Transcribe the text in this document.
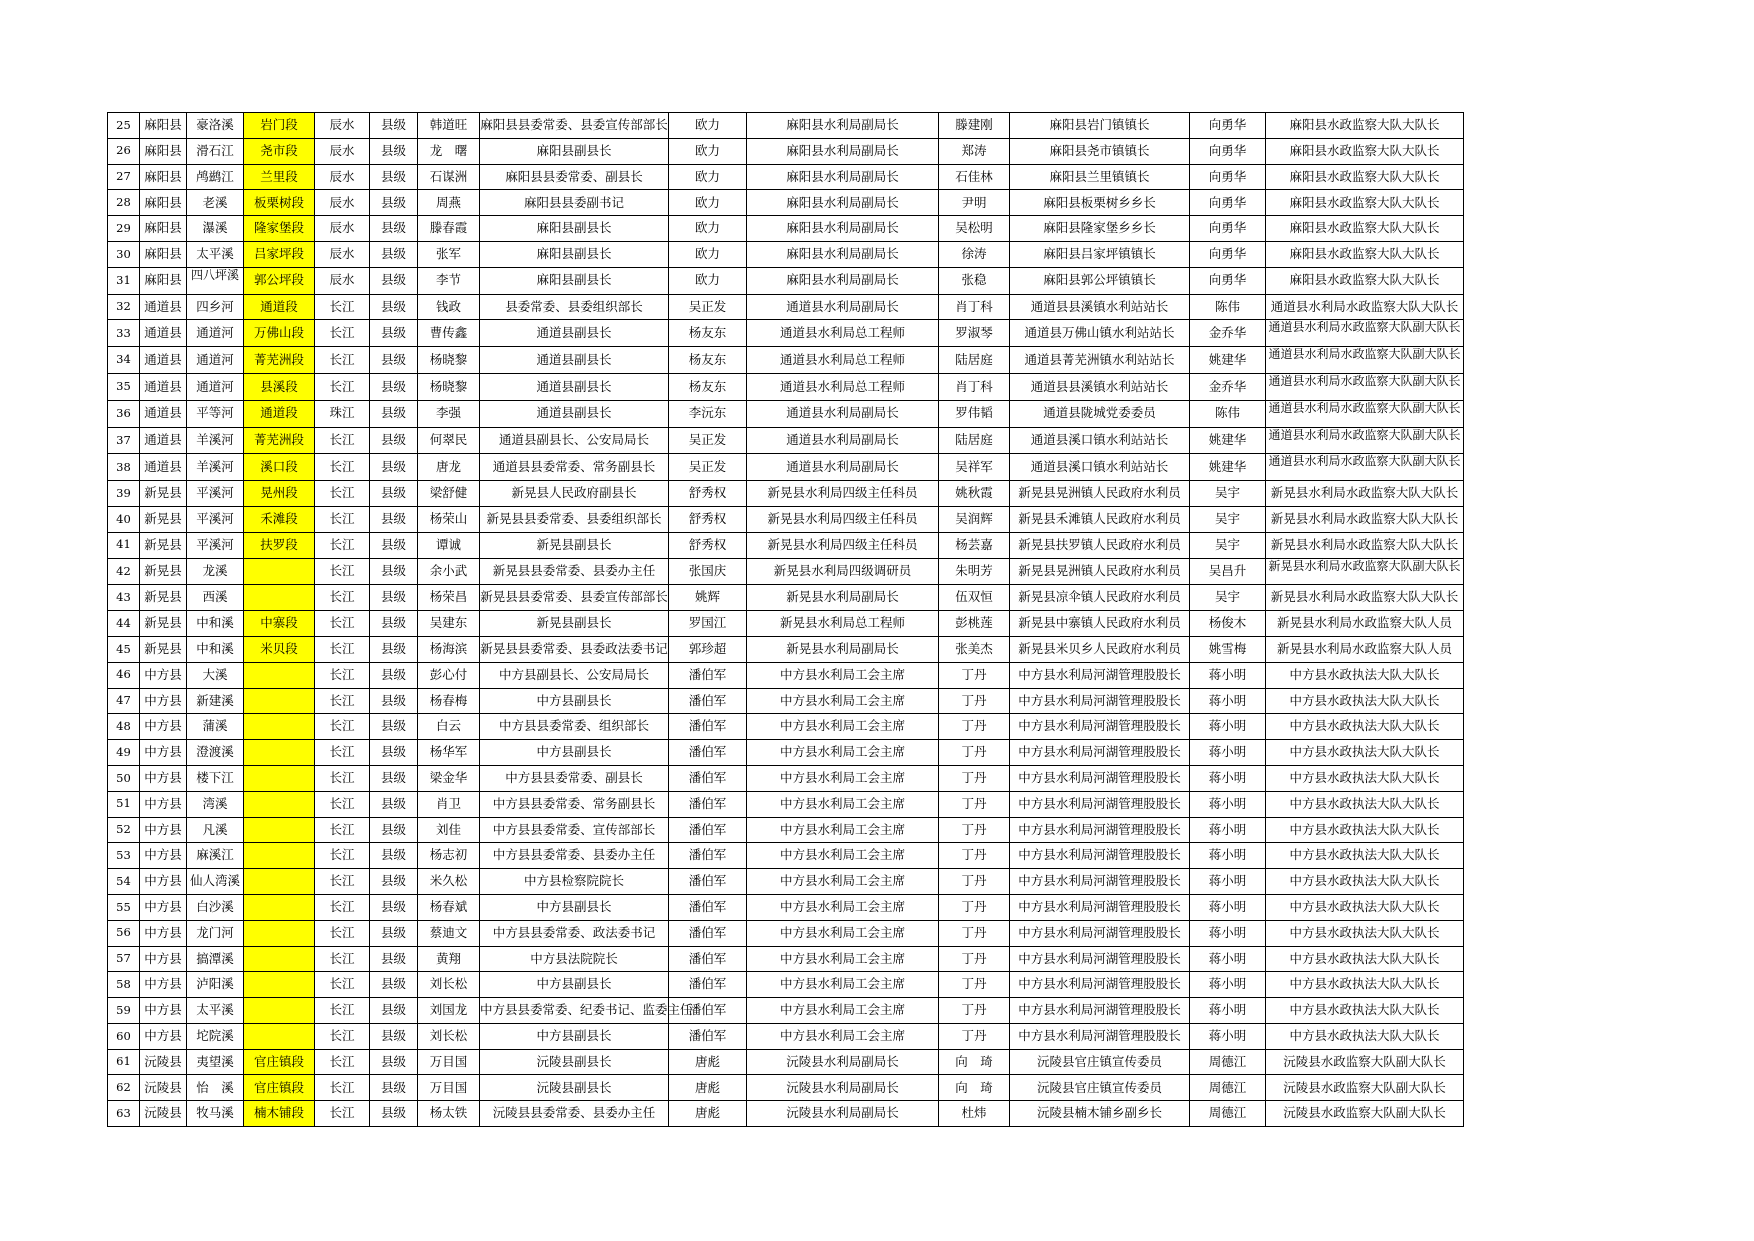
25	麻阳县	豪洛溪	岩门段	辰水	县级	韩道旺	麻阳县县委常委、县委宣传部部长	欧力	麻阳县水利局副局长	滕建刚	麻阳县岩门镇镇长	向勇华	麻阳县水政监察大队大队长
26	麻阳县	滑石江	尧市段	辰水	县级	龙　曙	麻阳县副县长	欧力	麻阳县水利局副局长	郑涛	麻阳县尧市镇镇长	向勇华	麻阳县水政监察大队大队长
27	麻阳县	鸬鹚江	兰里段	辰水	县级	石谋洲	麻阳县县委常委、副县长	欧力	麻阳县水利局副局长	石佳林	麻阳县兰里镇镇长	向勇华	麻阳县水政监察大队大队长
28	麻阳县	老溪	板栗树段	辰水	县级	周燕	麻阳县县委副书记	欧力	麻阳县水利局副局长	尹明	麻阳县板栗树乡乡长	向勇华	麻阳县水政监察大队大队长
29	麻阳县	瀑溪	隆家堡段	辰水	县级	滕春霞	麻阳县副县长	欧力	麻阳县水利局副局长	吴松明	麻阳县隆家堡乡乡长	向勇华	麻阳县水政监察大队大队长
30	麻阳县	太平溪	吕家坪段	辰水	县级	张军	麻阳县副县长	欧力	麻阳县水利局副局长	徐涛	麻阳县吕家坪镇镇长	向勇华	麻阳县水政监察大队大队长
31	麻阳县	四八坪溪	郭公坪段	辰水	县级	李节	麻阳县副县长	欧力	麻阳县水利局副局长	张稳	麻阳县郭公坪镇镇长	向勇华	麻阳县水政监察大队大队长
32	通道县	四乡河	通道段	长江	县级	钱政	县委常委、县委组织部长	吴正发	通道县水利局副局长	肖丁科	通道县县溪镇水利站站长	陈伟	通道县水利局水政监察大队大队长
33	通道县	通道河	万佛山段	长江	县级	曹传鑫	通道县副县长	杨友东	通道县水利局总工程师	罗淑琴	通道县万佛山镇水利站站长	金乔华	通道县水利局水政监察大队副大队长
34	通道县	通道河	菁芜洲段	长江	县级	杨晓黎	通道县副县长	杨友东	通道县水利局总工程师	陆居庭	通道县菁芜洲镇水利站站长	姚建华	通道县水利局水政监察大队副大队长
35	通道县	通道河	县溪段	长江	县级	杨晓黎	通道县副县长	杨友东	通道县水利局总工程师	肖丁科	通道县县溪镇水利站站长	金乔华	通道县水利局水政监察大队副大队长
36	通道县	平等河	通道段	珠江	县级	李强	通道县副县长	李沅东	通道县水利局副局长	罗伟韬	通道县陇城党委委员	陈伟	通道县水利局水政监察大队副大队长
37	通道县	羊溪河	菁芜洲段	长江	县级	何翠民	通道县副县长、公安局局长	吴正发	通道县水利局副局长	陆居庭	通道县溪口镇水利站站长	姚建华	通道县水利局水政监察大队副大队长
38	通道县	羊溪河	溪口段	长江	县级	唐龙	通道县县委常委、常务副县长	吴正发	通道县水利局副局长	吴祥军	通道县溪口镇水利站站长	姚建华	通道县水利局水政监察大队副大队长
39	新晃县	平溪河	晃州段	长江	县级	梁舒健	新晃县人民政府副县长	舒秀权	新晃县水利局四级主任科员	姚秋霞	新晃县晃洲镇人民政府水利员	吴宇	新晃县水利局水政监察大队大队长
40	新晃县	平溪河	禾滩段	长江	县级	杨荣山	新晃县县委常委、县委组织部长	舒秀权	新晃县水利局四级主任科员	吴润辉	新晃县禾滩镇人民政府水利员	吴宇	新晃县水利局水政监察大队大队长
41	新晃县	平溪河	扶罗段	长江	县级	谭诚	新晃县副县长	舒秀权	新晃县水利局四级主任科员	杨芸嘉	新晃县扶罗镇人民政府水利员	吴宇	新晃县水利局水政监察大队大队长
42	新晃县	龙溪		长江	县级	余小武	新晃县县委常委、县委办主任	张国庆	新晃县水利局四级调研员	朱明芳	新晃县晃洲镇人民政府水利员	吴昌升	新晃县水利局水政监察大队副大队长
43	新晃县	西溪		长江	县级	杨荣昌	新晃县县委常委、县委宣传部部长	姚辉	新晃县水利局副局长	伍双恒	新晃县凉伞镇人民政府水利员	吴宇	新晃县水利局水政监察大队大队长
44	新晃县	中和溪	中寨段	长江	县级	吴建东	新晃县副县长	罗国江	新晃县水利局总工程师	彭桃莲	新晃县中寨镇人民政府水利员	杨俊木	新晃县水利局水政监察大队人员
45	新晃县	中和溪	米贝段	长江	县级	杨海滨	新晃县县委常委、县委政法委书记	郭珍超	新晃县水利局副局长	张美杰	新晃县米贝乡人民政府水利员	姚雪梅	新晃县水利局水政监察大队人员
46	中方县	大溪		长江	县级	彭心付	中方县副县长、公安局局长	潘伯军	中方县水利局工会主席	丁丹	中方县水利局河湖管理股股长	蒋小明	中方县水政执法大队大队长
47	中方县	新建溪		长江	县级	杨春梅	中方县副县长	潘伯军	中方县水利局工会主席	丁丹	中方县水利局河湖管理股股长	蒋小明	中方县水政执法大队大队长
48	中方县	蒲溪		长江	县级	白云	中方县县委常委、组织部长	潘伯军	中方县水利局工会主席	丁丹	中方县水利局河湖管理股股长	蒋小明	中方县水政执法大队大队长
49	中方县	澄渡溪		长江	县级	杨华军	中方县副县长	潘伯军	中方县水利局工会主席	丁丹	中方县水利局河湖管理股股长	蒋小明	中方县水政执法大队大队长
50	中方县	楼下江		长江	县级	梁金华	中方县县委常委、副县长	潘伯军	中方县水利局工会主席	丁丹	中方县水利局河湖管理股股长	蒋小明	中方县水政执法大队大队长
51	中方县	湾溪		长江	县级	肖卫	中方县县委常委、常务副县长	潘伯军	中方县水利局工会主席	丁丹	中方县水利局河湖管理股股长	蒋小明	中方县水政执法大队大队长
52	中方县	凡溪		长江	县级	刘佳	中方县县委常委、宣传部部长	潘伯军	中方县水利局工会主席	丁丹	中方县水利局河湖管理股股长	蒋小明	中方县水政执法大队大队长
53	中方县	麻溪江		长江	县级	杨志初	中方县县委常委、县委办主任	潘伯军	中方县水利局工会主席	丁丹	中方县水利局河湖管理股股长	蒋小明	中方县水政执法大队大队长
54	中方县	仙人湾溪		长江	县级	米久松	中方县检察院院长	潘伯军	中方县水利局工会主席	丁丹	中方县水利局河湖管理股股长	蒋小明	中方县水政执法大队大队长
55	中方县	白沙溪		长江	县级	杨春斌	中方县副县长	潘伯军	中方县水利局工会主席	丁丹	中方县水利局河湖管理股股长	蒋小明	中方县水政执法大队大队长
56	中方县	龙门河		长江	县级	蔡迪文	中方县县委常委、政法委书记	潘伯军	中方县水利局工会主席	丁丹	中方县水利局河湖管理股股长	蒋小明	中方县水政执法大队大队长
57	中方县	搞潭溪		长江	县级	黄翔	中方县法院院长	潘伯军	中方县水利局工会主席	丁丹	中方县水利局河湖管理股股长	蒋小明	中方县水政执法大队大队长
58	中方县	泸阳溪		长江	县级	刘长松	中方县副县长	潘伯军	中方县水利局工会主席	丁丹	中方县水利局河湖管理股股长	蒋小明	中方县水政执法大队大队长
59	中方县	太平溪		长江	县级	刘国龙	中方县县委常委、纪委书记、监委主任	潘伯军	中方县水利局工会主席	丁丹	中方县水利局河湖管理股股长	蒋小明	中方县水政执法大队大队长
60	中方县	坨院溪		长江	县级	刘长松	中方县副县长	潘伯军	中方县水利局工会主席	丁丹	中方县水利局河湖管理股股长	蒋小明	中方县水政执法大队大队长
61	沅陵县	夷望溪	官庄镇段	长江	县级	万目国	沅陵县副县长	唐彪	沅陵县水利局副局长	向　琦	沅陵县官庄镇宣传委员	周德江	沅陵县水政监察大队副大队长
62	沅陵县	怡　溪	官庄镇段	长江	县级	万目国	沅陵县副县长	唐彪	沅陵县水利局副局长	向　琦	沅陵县官庄镇宣传委员	周德江	沅陵县水政监察大队副大队长
63	沅陵县	牧马溪	楠木铺段	长江	县级	杨太铁	沅陵县县委常委、县委办主任	唐彪	沅陵县水利局副局长	杜炜	沅陵县楠木铺乡副乡长	周德江	沅陵县水政监察大队副大队长
